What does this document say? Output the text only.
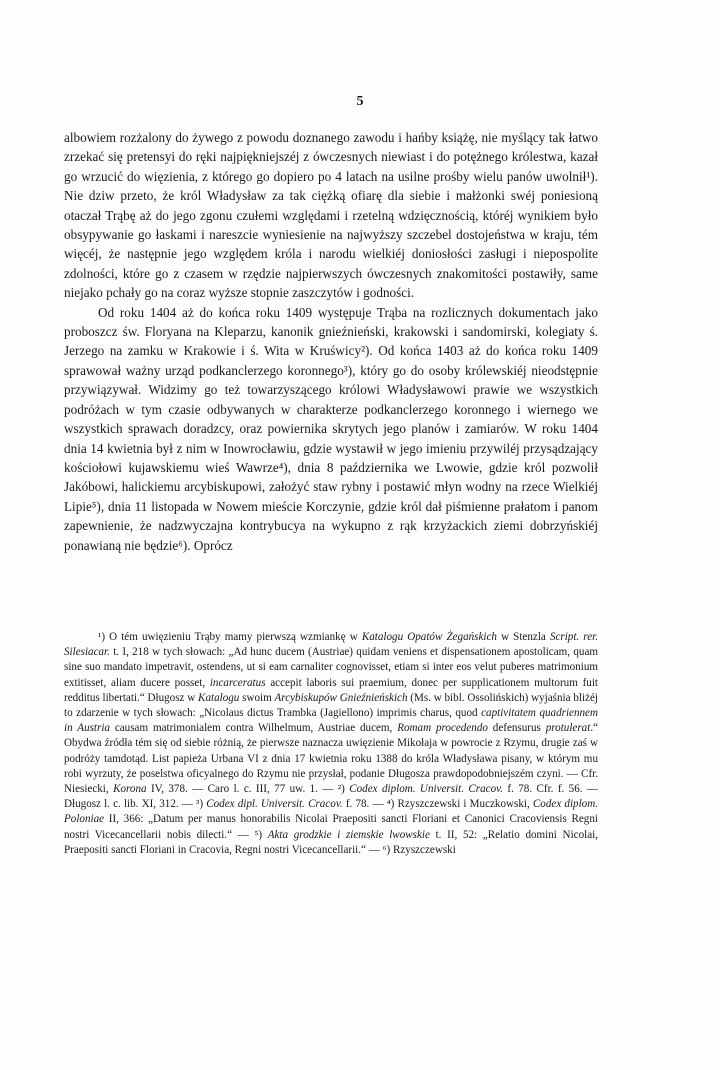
5

albowiem rozżalony do żywego z powodu doznanego zawodu i hańby książę, nie myślący tak łatwo zrzekać się pretensyi do ręki najpiękniejszéj z ówczesnych niewiast i do potężnego królestwa, kazał go wrzucić do więzienia, z którego go dopiero po 4 latach na usilne prośby wielu panów uwolnił¹). Nie dziw przeto, że król Władysław za tak ciężką ofiarę dla siebie i małżonki swéj poniesioną otaczał Trąbę aż do jego zgonu czułemi względami i rzetelną wdzięcznością, któréj wynikiem było obsypywanie go łaskami i nareszcie wyniesienie na najwyższy szczebel dostojeństwa w kraju, tém więcéj, że następnie jego względem króla i narodu wielkiéj doniosłości zasługi i niepospolite zdolności, które go z czasem w rzędzie najpierwszych ówczesnych znakomitości postawiły, same niejako pchały go na coraz wyższe stopnie zaszczytów i godności.

Od roku 1404 aż do końca roku 1409 występuje Trąba na rozlicznych dokumentach jako proboszcz św. Floryana na Kleparzu, kanonik gnieźnieński, krakowski i sandomirski, kolegiaty ś. Jerzego na zamku w Krakowie i ś. Wita w Kruświcy²). Od końca 1403 aż do końca roku 1409 sprawował ważny urząd podkanclerzego koronnego³), który go do osoby królewskiéj nieodstępnie przywiązywał. Widzimy go też towarzyszącego królowi Władysławowi prawie we wszystkich podróżach w tym czasie odbywanych w charakterze podkanclerzego koronnego i wiernego we wszystkich sprawach doradzcy, oraz powiernika skrytych jego planów i zamiarów. W roku 1404 dnia 14 kwietnia był z nim w Inowrocławiu, gdzie wystawił w jego imieniu przywiléj przysądzający kościołowi kujawskiemu wieś Wawrze⁴), dnia 8 października we Lwowie, gdzie król pozwolił Jakóbowi, halickiemu arcybiskupowi, założyć staw rybny i postawić młyn wodny na rzece Wielkiéj Lipie⁵), dnia 11 listopada w Nowem mieście Korczynie, gdzie król dał piśmienne prałatom i panom zapewnienie, że nadzwyczajna kontrybucya na wykupno z rąk krzyżackich ziemi dobrzyńskiéj ponawianą nie będzie⁶). Oprócz

¹) O tém uwięzieniu Trąby mamy pierwszą wzmiankę w Katalogu Opatów Żegańskich w Stenzla Script. rer. Silesiacar. t. I, 218 w tych słowach: „Ad hunc ducem (Austriae) quidam veniens et dispensationem apostolicam, quam sine suo mandato impetravit, ostendens, ut si eam carnaliter cognovisset, etiam si inter eos velut puberes matrimonium extitisset, aliam ducere posset, incarceratus accepit laboris sui praemium, donec per supplicationem multorum fuit redditus libertati.“ Długosz w Katalogu swoim Arcybiskupów Gnieźnieńskich (Ms. w bibl. Ossolińskich) wyjaśnia bliżéj to zdarzenie w tych słowach: „Nicolaus dictus Trambka (Jagiellono) imprimis charus, quod captivitatem quadriennem in Austria causam matrimonialem contra Wilhelmum, Austriae ducem, Romam procedendo defensurus protulerat.“ Obydwa źródła tém się od siebie różnią, że pierwsze naznacza uwięzienie Mikołaja w powrocie z Rzymu, drugie zaś w podróży tamdotąd. List papieża Urbana VI z dnia 17 kwietnia roku 1388 do króla Władysława pisany, w którym mu robi wyrzuty, że poselstwa oficyalnego do Rzymu nie przysłał, podanie Długosza prawdopodobniejszém czyni. — Cfr. Niesiecki, Korona IV, 378. — Caro l. c. III, 77 uw. 1. — ²) Codex diplom. Universit. Cracov. f. 78. Cfr. f. 56. — Długosz l. c. lib. XI, 312. — ³) Codex dipl. Universit. Cracov. f. 78. — ⁴) Rzyszczewski i Muczkowski, Codex diplom. Poloniae II, 366: „Datum per manus honorabilis Nicolai Praepositi sancti Floriani et Canonici Cracoviensis Regni nostri Vicecancellarii nobis dilecti.“ — ⁵) Akta grodzkie i ziemskie lwowskie t. II, 52: „Relatio domini Nicolai, Praepositi sancti Floriani in Cracovia, Regni nostri Vicecancellarii.“ — ⁶) Rzyszczewski
